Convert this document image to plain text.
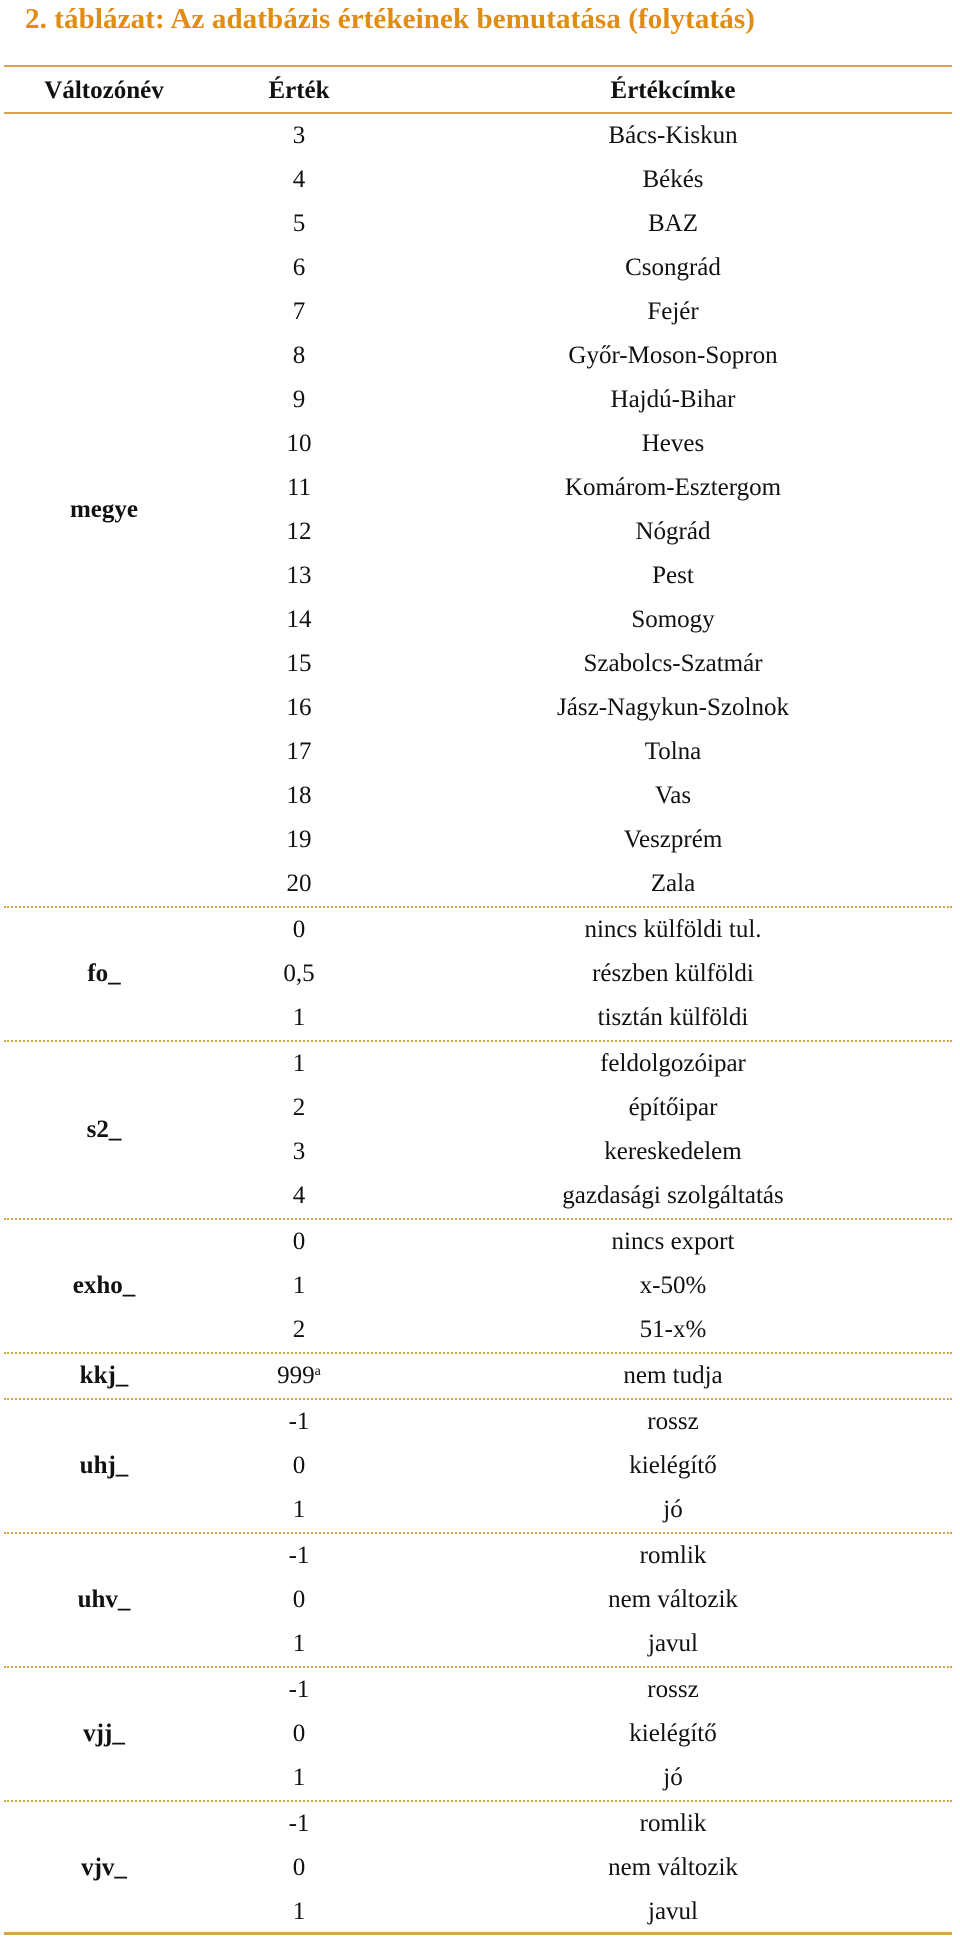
2. táblázat: Az adatbázis értékeinek bemutatása (folytatás)
Változónév	Érték	Értékcímke
megye
3	Bács-Kiskun
4	Békés
5	BAZ
6	Csongrád
7	Fejér
8	Győr-Moson-Sopron
9	Hajdú-Bihar
10	Heves
11	Komárom-Esztergom
12	Nógrád
13	Pest
14	Somogy
15	Szabolcs-Szatmár
16	Jász-Nagykun-Szolnok
17	Tolna
18	Vas
19	Veszprém
20	Zala
fo_
0	nincs külföldi tul.
0,5	részben külföldi
1	tisztán külföldi
s2_
1	feldolgozóipar
2	építőipar
3	kereskedelem
4	gazdasági szolgáltatás
exho_
0	nincs export
1	x-50%
2	51-x%
kkj_	999$^a$	nem tudja
uhj_
-1	rossz
0	kielégítő
1	jó
uhv_
-1	romlik
0	nem változik
1	javul
vjj_
-1	rossz
0	kielégítő
1	jó
vjv_
-1	romlik
0	nem változik
1	javul
